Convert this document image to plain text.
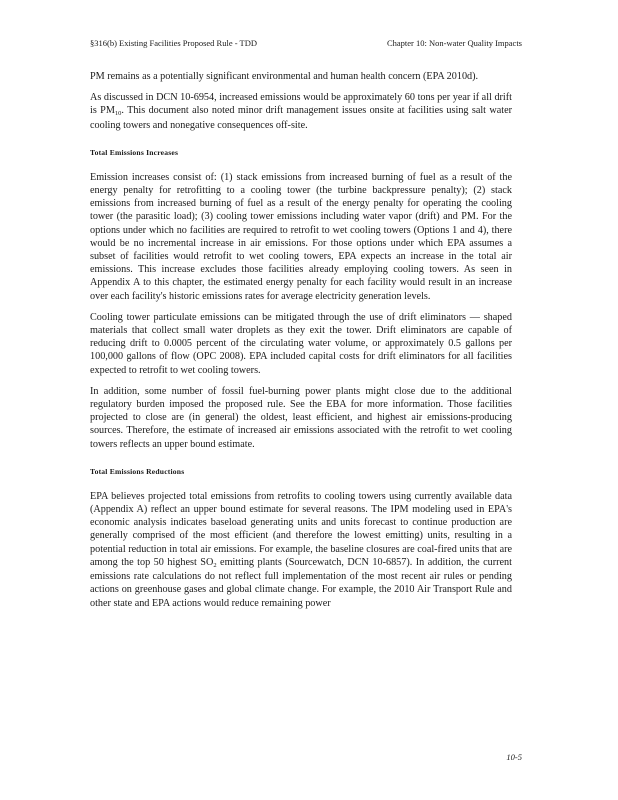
§316(b) Existing Facilities Proposed Rule - TDD	Chapter 10: Non-water Quality Impacts

PM remains as a potentially significant environmental and human health concern (EPA 2010d).

As discussed in DCN 10-6954, increased emissions would be approximately 60 tons per year if all drift is $PM_{10}$. This document also noted minor drift management issues onsite at facilities using salt water cooling towers and nonegative consequences off-site.

Total Emissions Increases

Emission increases consist of: (1) stack emissions from increased burning of fuel as a result of the energy penalty for retrofitting to a cooling tower (the turbine backpressure penalty); (2) stack emissions from increased burning of fuel as a result of the energy penalty for operating the cooling tower (the parasitic load); (3) cooling tower emissions including water vapor (drift) and PM. For the options under which no facilities are required to retrofit to wet cooling towers (Options 1 and 4), there would be no incremental increase in air emissions. For those options under which EPA assumes a subset of facilities would retrofit to wet cooling towers, EPA expects an increase in the total air emissions. This increase excludes those facilities already employing cooling towers. As seen in Appendix A to this chapter, the estimated energy penalty for each facility would result in an increase over each facility's historic emissions rates for average electricity generation levels.

Cooling tower particulate emissions can be mitigated through the use of drift eliminators — shaped materials that collect small water droplets as they exit the tower. Drift eliminators are capable of reducing drift to 0.0005 percent of the circulating water volume, or approximately 0.5 gallons per 100,000 gallons of flow (OPC 2008). EPA included capital costs for drift eliminators for all facilities expected to retrofit to wet cooling towers.

In addition, some number of fossil fuel-burning power plants might close due to the additional regulatory burden imposed the proposed rule. See the EBA for more information. Those facilities projected to close are (in general) the oldest, least efficient, and highest air emissions-producing sources. Therefore, the estimate of increased air emissions associated with the retrofit to wet cooling towers reflects an upper bound estimate.

Total Emissions Reductions

EPA believes projected total emissions from retrofits to cooling towers using currently available data (Appendix A) reflect an upper bound estimate for several reasons. The IPM modeling used in EPA's economic analysis indicates baseload generating units and units forecast to continue production are generally comprised of the most efficient (and therefore the lowest emitting) units, resulting in a potential reduction in total air emissions. For example, the baseline closures are coal-fired units that are among the top 50 highest $SO_2$ emitting plants (Sourcewatch, DCN 10-6857). In addition, the current emissions rate calculations do not reflect full implementation of the most recent air rules or pending actions on greenhouse gases and global climate change. For example, the 2010 Air Transport Rule and other state and EPA actions would reduce remaining power

10-5
